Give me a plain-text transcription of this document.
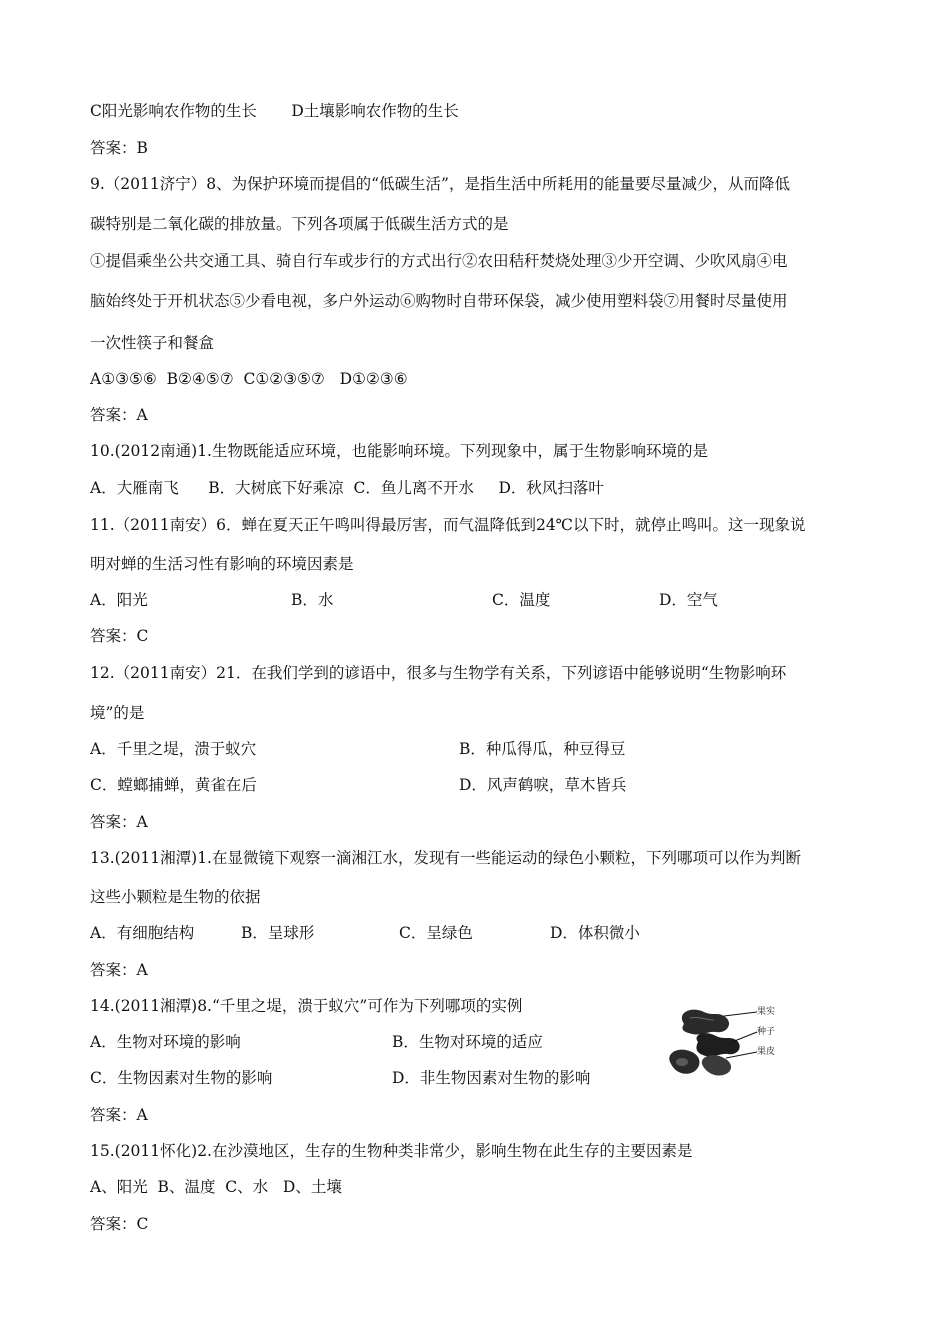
C阳光影响农作物的生长       D土壤影响农作物的生长
答案：B
9.（2011济宁）8、为保护环境而提倡的“低碳生活”，是指生活中所耗用的能量要尽量减少，从而降低
碳特别是二氧化碳的排放量。下列各项属于低碳生活方式的是
①提倡乘坐公共交通工具、骑自行车或步行的方式出行②农田秸秆焚烧处理③少开空调、少吹风扇④电
脑始终处于开机状态⑤少看电视，多户外运动⑥购物时自带环保袋，减少使用塑料袋⑦用餐时尽量使用
一次性筷子和餐盒
A①③⑤⑥  B②④⑤⑦  C①②③⑤⑦   D①②③⑥
答案：A
10.(2012南通)1.生物既能适应环境，也能影响环境。下列现象中，属于生物影响环境的是
A．大雁南飞      B．大树底下好乘凉  C．鱼儿离不开水     D．秋风扫落叶
11.（2011南安）6．蝉在夏天正午鸣叫得最厉害，而气温降低到24℃以下时，就停止鸣叫。这一现象说
明对蝉的生活习性有影响的环境因素是
A．阳光	B．水	C．温度	D．空气
答案：C
12.（2011南安）21．在我们学到的谚语中，很多与生物学有关系，下列谚语中能够说明“生物影响环
境”的是
A．千里之堤，溃于蚁穴	B．种瓜得瓜，种豆得豆
C．螳螂捕蝉，黄雀在后	D．风声鹤唳，草木皆兵
答案：A
13.(2011湘潭)1.在显微镜下观察一滴湘江水，发现有一些能运动的绿色小颗粒，下列哪项可以作为判断
这些小颗粒是生物的依据
A．有细胞结构	B．呈球形	C．呈绿色	D．体积微小
答案：A
14.(2011湘潭)8.“千里之堤，溃于蚁穴”可作为下列哪项的实例
A．生物对环境的影响	B．生物对环境的适应
C．生物因素对生物的影响	D．非生物因素对生物的影响
答案：A
果实
种子
果皮
15.(2011怀化)2.在沙漠地区，生存的生物种类非常少，影响生物在此生存的主要因素是
A、阳光  B、温度  C、水   D、土壤
答案：C
